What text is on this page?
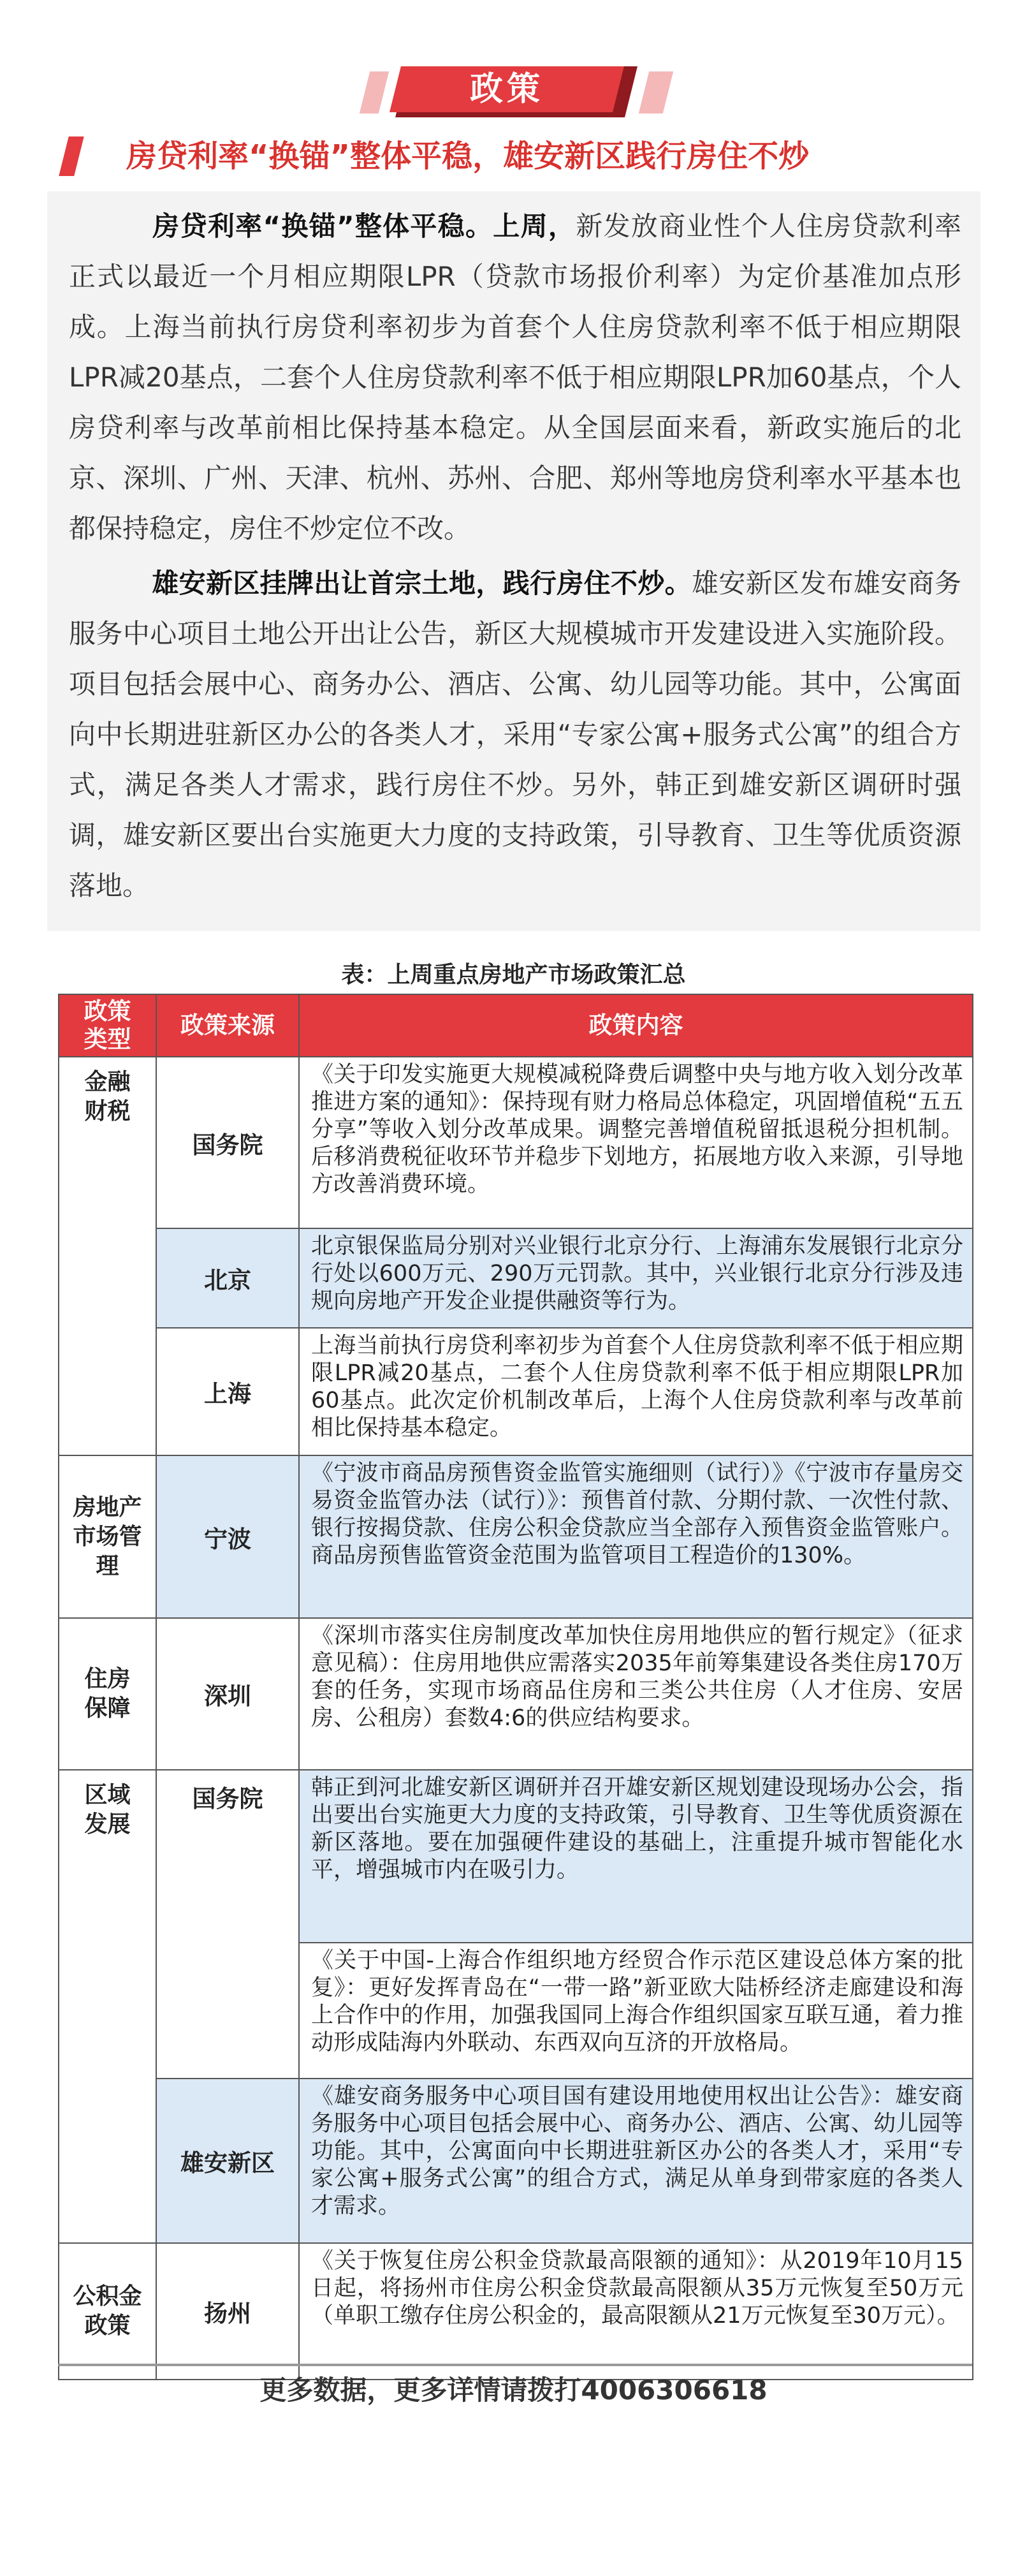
政策
房贷利率“换锚”整体平稳，雄安新区践行房住不炒

房贷利率“换锚”整体平稳。上周，新发放商业性个人住房贷款利率正式以最近一个月相应期限LPR（贷款市场报价利率）为定价基准加点形成。上海当前执行房贷利率初步为首套个人住房贷款利率不低于相应期限LPR减20基点，二套个人住房贷款利率不低于相应期限LPR加60基点，个人房贷利率与改革前相比保持基本稳定。从全国层面来看，新政实施后的北京、深圳、广州、天津、杭州、苏州、合肥、郑州等地房贷利率水平基本也都保持稳定，房住不炒定位不改。

雄安新区挂牌出让首宗土地，践行房住不炒。雄安新区发布雄安商务服务中心项目土地公开出让公告，新区大规模城市开发建设进入实施阶段。项目包括会展中心、商务办公、酒店、公寓、幼儿园等功能。其中，公寓面向中长期进驻新区办公的各类人才，采用“专家公寓+服务式公寓”的组合方式，满足各类人才需求，践行房住不炒。另外，韩正到雄安新区调研时强调，雄安新区要出台实施更大力度的支持政策，引导教育、卫生等优质资源落地。

表：上周重点房地产市场政策汇总
政策类型	政策来源	政策内容

金融财税	国务院	《关于印发实施更大规模减税降费后调整中央与地方收入划分改革推进方案的通知》：保持现有财力格局总体稳定，巩固增值税“五五分享”等收入划分改革成果。调整完善增值税留抵退税分担机制。后移消费税征收环节并稳步下划地方，拓展地方收入来源，引导地方改善消费环境。
	北京	北京银保监局分别对兴业银行北京分行、上海浦东发展银行北京分行处以600万元、290万元罚款。其中，兴业银行北京分行涉及违规向房地产开发企业提供融资等行为。
	上海	上海当前执行房贷利率初步为首套个人住房贷款利率不低于相应期限LPR减20基点，二套个人住房贷款利率不低于相应期限LPR加60基点。此次定价机制改革后，上海个人住房贷款利率与改革前相比保持基本稳定。

房地产市场管理	宁波	《宁波市商品房预售资金监管实施细则（试行）》《宁波市存量房交易资金监管办法（试行）》：预售首付款、分期付款、一次性付款、银行按揭贷款、住房公积金贷款应当全部存入预售资金监管账户。商品房预售监管资金范围为监管项目工程造价的130%。

住房保障	深圳	《深圳市落实住房制度改革加快住房用地供应的暂行规定》（征求意见稿）：住房用地供应需落实2035年前筹集建设各类住房170万套的任务，实现市场商品住房和三类公共住房（人才住房、安居房、公租房）套数4:6的供应结构要求。

区域发展	国务院	韩正到河北雄安新区调研并召开雄安新区规划建设现场办公会，指出要出台实施更大力度的支持政策，引导教育、卫生等优质资源在新区落地。要在加强硬件建设的基础上，注重提升城市智能化水平，增强城市内在吸引力。
		《关于中国-上海合作组织地方经贸合作示范区建设总体方案的批复》：更好发挥青岛在“一带一路”新亚欧大陆桥经济走廊建设和海上合作中的作用，加强我国同上海合作组织国家互联互通，着力推动形成陆海内外联动、东西双向互济的开放格局。
	雄安新区	《雄安商务服务中心项目国有建设用地使用权出让公告》：雄安商务服务中心项目包括会展中心、商务办公、酒店、公寓、幼儿园等功能。其中，公寓面向中长期进驻新区办公的各类人才，采用“专家公寓+服务式公寓”的组合方式，满足从单身到带家庭的各类人才需求。

公积金政策	扬州	《关于恢复住房公积金贷款最高限额的通知》：从2019年10月15日起，将扬州市住房公积金贷款最高限额从35万元恢复至50万元（单职工缴存住房公积金的，最高限额从21万元恢复至30万元）。
更多数据，更多详情请拨打4006306618
